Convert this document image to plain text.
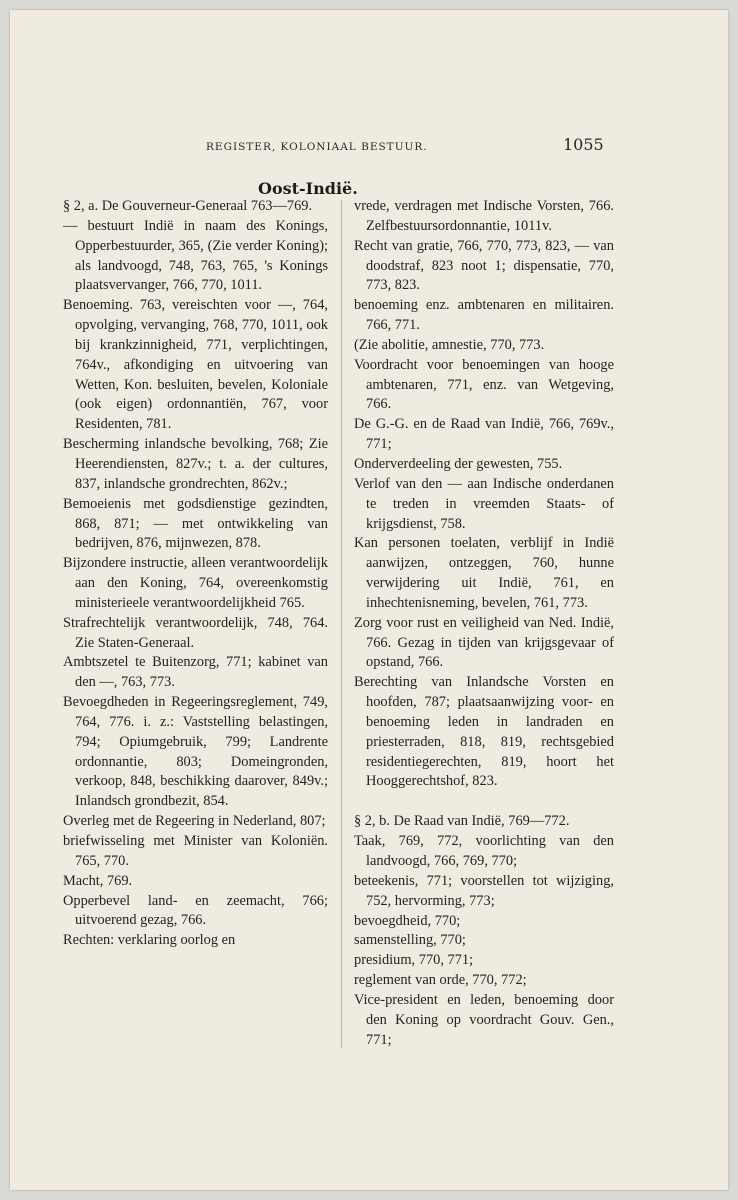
REGISTER, KOLONIAAL BESTUUR.	1055
Oost-Indië.

§ 2, a. De Gouverneur-Generaal 763—769.

— bestuurt Indië in naam des Konings, Opperbestuurder, 365, (Zie verder Koning); als landvoogd, 748, 763, 765, 's Konings plaatsvervanger, 766, 770, 1011.

Benoeming. 763, vereischten voor —, 764, opvolging, vervanging, 768, 770, 1011, ook bij krankzinnigheid, 771, verplichtingen, 764v., afkondiging en uitvoering van Wetten, Kon. besluiten, bevelen, Koloniale (ook eigen) ordonnantiën, 767, voor Residenten, 781.

Bescherming inlandsche bevolking, 768; Zie Heerendiensten, 827v.; t. a. der cultures, 837, inlandsche grondrechten, 862v.;

Bemoeienis met godsdienstige gezindten, 868, 871; — met ontwikkeling van bedrijven, 876, mijnwezen, 878.

Bijzondere instructie, alleen verantwoordelijk aan den Koning, 764, overeenkomstig ministerieele verantwoordelijkheid 765.

Strafrechtelijk verantwoordelijk, 748, 764. Zie Staten-Generaal.

Ambtszetel te Buitenzorg, 771; kabinet van den —, 763, 773.

Bevoegdheden in Regeeringsreglement, 749, 764, 776. i. z.: Vaststelling belastingen, 794; Opiumgebruik, 799; Landrente ordonnantie, 803; Domeingronden, verkoop, 848, beschikking daarover, 849v.; Inlandsch grondbezit, 854.

Overleg met de Regeering in Nederland, 807;

briefwisseling met Minister van Koloniën. 765, 770.

Macht, 769.

Opperbevel land- en zeemacht, 766; uitvoerend gezag, 766.

Rechten: verklaring oorlog en

vrede, verdragen met Indische Vorsten, 766. Zelfbestuursordonnantie, 1011v.

Recht van gratie, 766, 770, 773, 823, — van doodstraf, 823 noot 1; dispensatie, 770, 773, 823.

benoeming enz. ambtenaren en militairen. 766, 771.

(Zie abolitie, amnestie, 770, 773.

Voordracht voor benoemingen van hooge ambtenaren, 771, enz. van Wetgeving, 766.

De G.-G. en de Raad van Indië, 766, 769v., 771;

Onderverdeeling der gewesten, 755.

Verlof van den — aan Indische onderdanen te treden in vreemden Staats- of krijgsdienst, 758.

Kan personen toelaten, verblijf in Indië aanwijzen, ontzeggen, 760, hunne verwijdering uit Indië, 761, en inhechtenisneming, bevelen, 761, 773.

Zorg voor rust en veiligheid van Ned. Indië, 766. Gezag in tijden van krijgsgevaar of opstand, 766.

Berechting van Inlandsche Vorsten en hoofden, 787; plaatsaanwijzing voor- en benoeming leden in landraden en priesterraden, 818, 819, rechtsgebied residentiegerechten, 819, hoort het Hooggerechtshof, 823.

§ 2, b. De Raad van Indië, 769—772.

Taak, 769, 772, voorlichting van den landvoogd, 766, 769, 770;

beteekenis, 771; voorstellen tot wijziging, 752, hervorming, 773;

bevoegdheid, 770;

samenstelling, 770;

presidium, 770, 771;

reglement van orde, 770, 772;

Vice-president en leden, benoeming door den Koning op voordracht Gouv. Gen., 771;
